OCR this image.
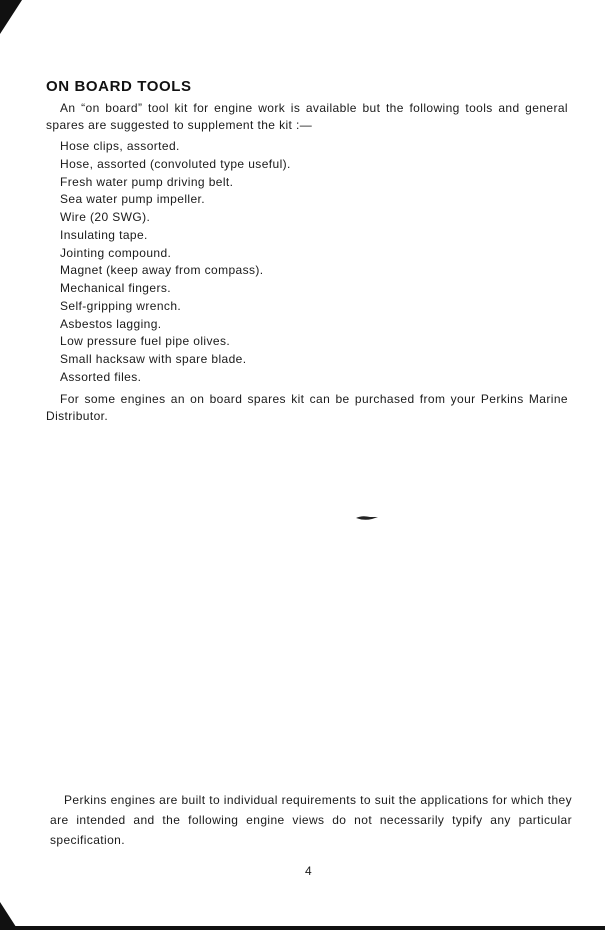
ON BOARD TOOLS

An “on board” tool kit for engine work is available but the following tools and general spares are suggested to supplement the kit :—

Hose clips, assorted.
Hose, assorted (convoluted type useful).
Fresh water pump driving belt.
Sea water pump impeller.
Wire (20 SWG).
Insulating tape.
Jointing compound.
Magnet (keep away from compass).
Mechanical fingers.
Self-gripping wrench.
Asbestos lagging.
Low pressure fuel pipe olives.
Small hacksaw with spare blade.
Assorted files.

For some engines an on board spares kit can be purchased from your Perkins Marine Distributor.

Perkins engines are built to individual requirements to suit the applications for which they are intended and the following engine views do not necessarily typify any particular specification.

4
